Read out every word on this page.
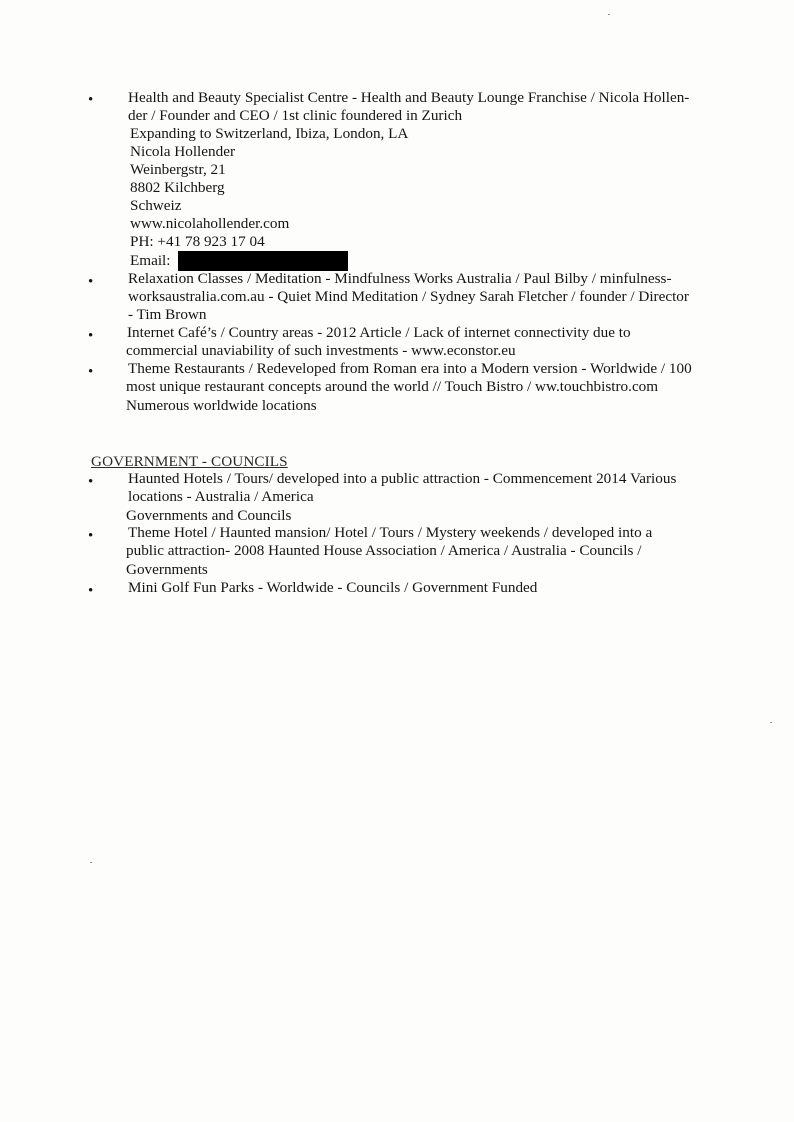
•
Health and Beauty Specialist Centre - Health and Beauty Lounge Franchise / Nicola Hollen-
der / Founder and CEO / 1st clinic foundered in Zurich
Expanding to Switzerland, Ibiza, London, LA
Nicola Hollender
Weinbergstr, 21
8802 Kilchberg
Schweiz
www.nicolahollender.com
PH: +41 78 923 17 04
Email:
•
Relaxation Classes / Meditation - Mindfulness Works Australia / Paul Bilby / minfulness-
worksaustralia.com.au - Quiet Mind Meditation / Sydney Sarah Fletcher / founder / Director
- Tim Brown
•
Internet Café’s / Country areas - 2012 Article / Lack of internet connectivity due to
commercial unaviability of such investments - www.econstor.eu
•
Theme Restaurants / Redeveloped from Roman era into a Modern version - Worldwide / 100
most unique restaurant concepts around the world // Touch Bistro / ww.touchbistro.com
Numerous worldwide locations
GOVERNMENT - COUNCILS
•
Haunted Hotels / Tours/ developed into a public attraction - Commencement 2014 Various
locations - Australia / America
Governments and Councils
•
Theme Hotel / Haunted mansion/ Hotel / Tours / Mystery weekends / developed into a
public attraction- 2008 Haunted House Association / America / Australia - Councils /
Governments
•
Mini Golf Fun Parks - Worldwide - Councils / Government Funded
